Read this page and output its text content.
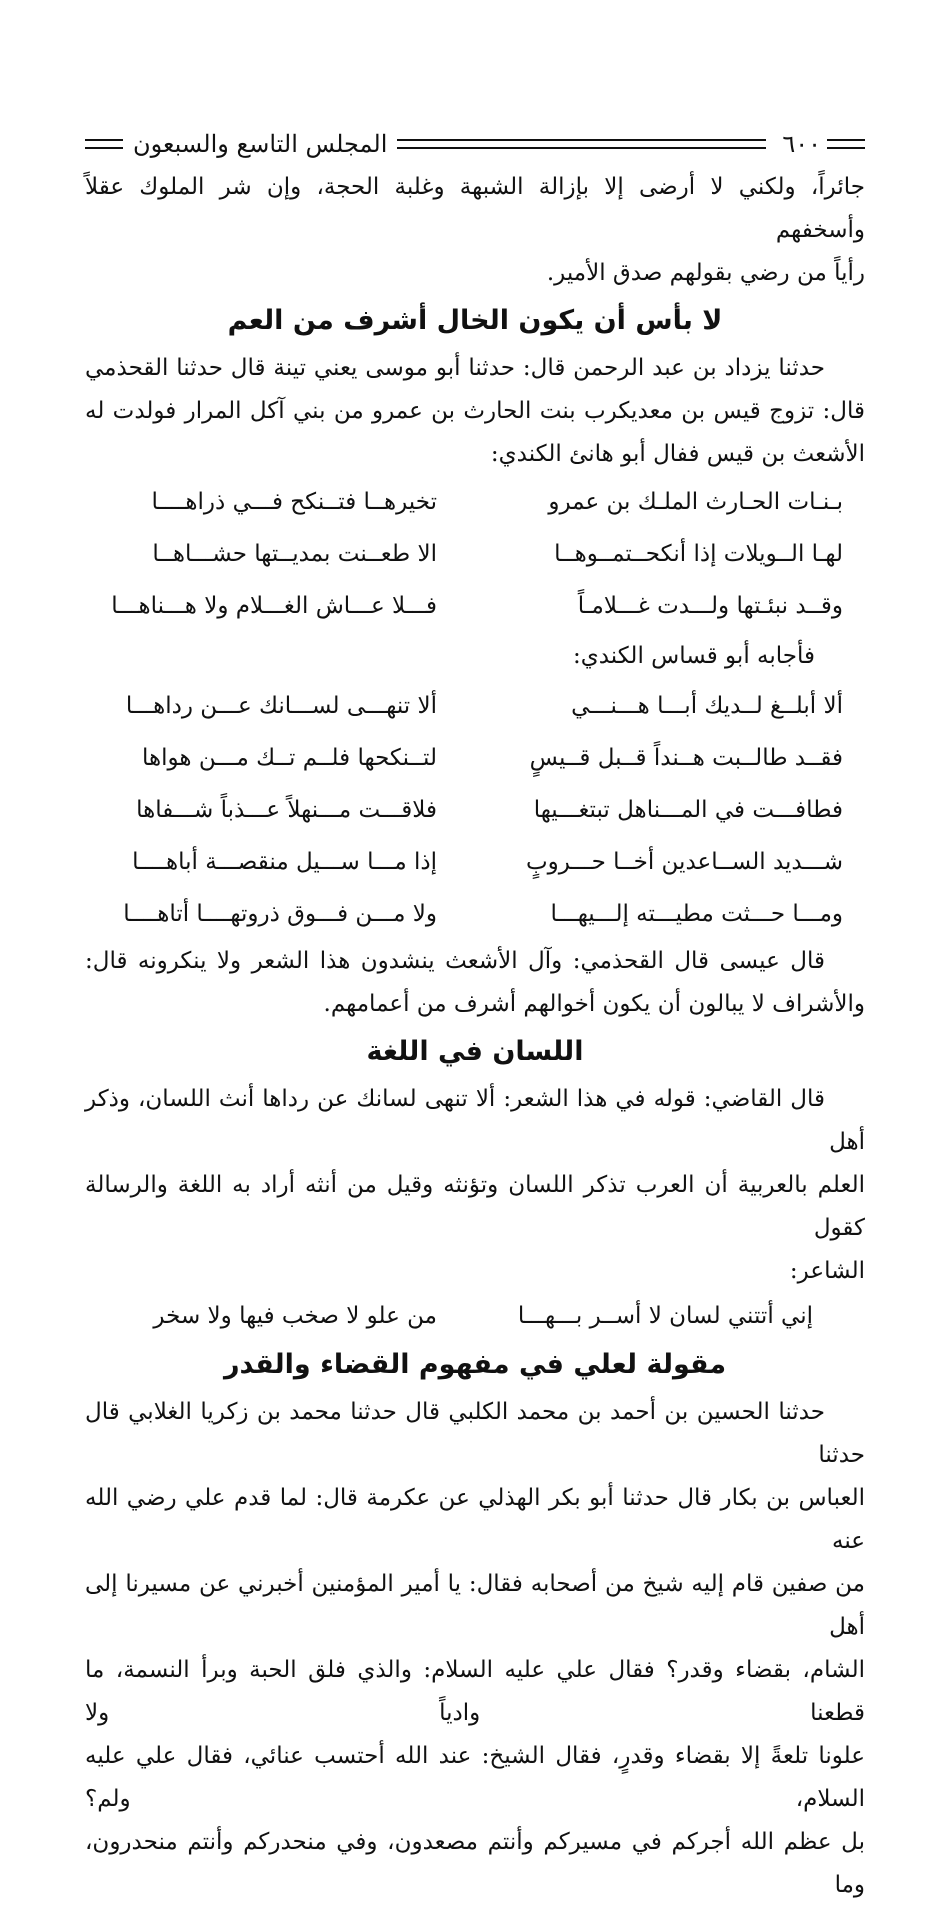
٦٠٠
المجلس التاسع والسبعون

جائراً، ولكني لا أرضى إلا بإزالة الشبهة وغلبة الحجة، وإن شر الملوك عقلاً وأسخفهم

رأياً من رضي بقولهم صدق الأمير.

لا بأس أن يكون الخال أشرف من العم

حدثنا يزداد بن عبد الرحمن قال: حدثنا أبو موسى يعني تينة قال حدثنا القحذمي

قال: تزوج قيس بن معديكرب بنت الحارث بن عمرو من بني آكل المرار فولدت له

الأشعث بن قيس ففال أبو هانئ الكندي:

بـنـات الحـارث الملـك بن عمرو
تخيرهــا فتــنكح فـــي ذراهــــا
لهـا الــويلات إذا أنكحــتمــوهــا
الا طعــنت بمديــتها حشـــاهــا
وقــد نبئـتها ولـــدت غـــلامـاً
فـــلا عـــاش الغـــلام ولا هـــناهـــا
فأجابه أبو قساس الكندي:
ألا أبلــغ لــديك أبـــا هـــنـــي
ألا تنهـــى لســـانك عـــن رداهـــا
فقــد طالــبت هــنداً قــبل قــيسٍ
لتــنكحها فلــم تــك مـــن هواها
فطافـــت في المـــناهل تبتغـــيها
فلاقـــت مـــنهلاً عـــذباً شـــفاها
شـــديد الســاعدين أخــا حـــروبٍ
إذا مـــا ســـيل منقصـــة أباهــــا
ومـــا حـــثت مطيـــته إلـــيهـــا
ولا مـــن فـــوق ذروتهــــا أتاهــــا

قال عيسى قال القحذمي: وآل الأشعث ينشدون هذا الشعر ولا ينكرونه قال:

والأشراف لا يبالون أن يكون أخوالهم أشرف من أعمامهم.

اللسان في اللغة

قال القاضي: قوله في هذا الشعر: ألا تنهى لسانك عن رداها أنث اللسان، وذكر أهل

العلم بالعربية أن العرب تذكر اللسان وتؤنثه وقيل من أنثه أراد به اللغة والرسالة كقول

الشاعر:

إني أتتني لسان لا أســر بـــهـــا
من علو لا صخب فيها ولا سخر
مقولة لعلي في مفهوم القضاء والقدر

حدثنا الحسين بن أحمد بن محمد الكلبي قال حدثنا محمد بن زكريا الغلابي قال حدثنا

العباس بن بكار قال حدثنا أبو بكر الهذلي عن عكرمة قال: لما قدم علي رضي الله عنه

من صفين قام إليه شيخ من أصحابه فقال: يا أمير المؤمنين أخبرني عن مسيرنا إلى أهل

الشام، بقضاء وقدر؟ فقال علي عليه السلام: والذي فلق الحبة وبرأ النسمة، ما قطعنا وادياً ولا

علونا تلعةً إلا بقضاء وقدرٍ، فقال الشيخ: عند الله أحتسب عنائي، فقال علي عليه السلام، ولم؟

بل عظم الله أجركم في مسيركم وأنتم مصعدون، وفي منحدركم وأنتم منحدرون، وما
